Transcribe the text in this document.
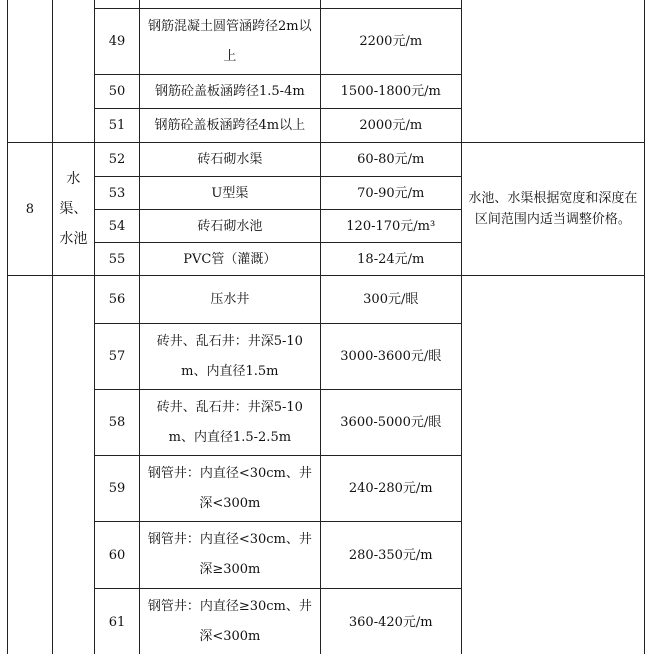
		49	钢筋混凝土圆管涵跨径2m以上	2200元/m	
		50	钢筋砼盖板涵跨径1.5-4m	1500-1800元/m	
		51	钢筋砼盖板涵跨径4m以上	2000元/m	
8	水渠、水池	52	砖石砌水渠	60-80元/m	水池、水渠根据宽度和深度在区间范围内适当调整价格。
		53	U型渠	70-90元/m	
		54	砖石砌水池	120-170元/m³	
		55	PVC管（灌溉）	18-24元/m	
		56	压水井	300元/眼	
		57	砖井、乱石井：井深5-10m、内直径1.5m	3000-3600元/眼	
		58	砖井、乱石井：井深5-10m、内直径1.5-2.5m	3600-5000元/眼	
		59	钢管井：内直径<30cm、井深<300m	240-280元/m	
		60	钢管井：内直径<30cm、井深≥300m	280-350元/m	
		61	钢管井：内直径≥30cm、井深<300m	360-420元/m	
